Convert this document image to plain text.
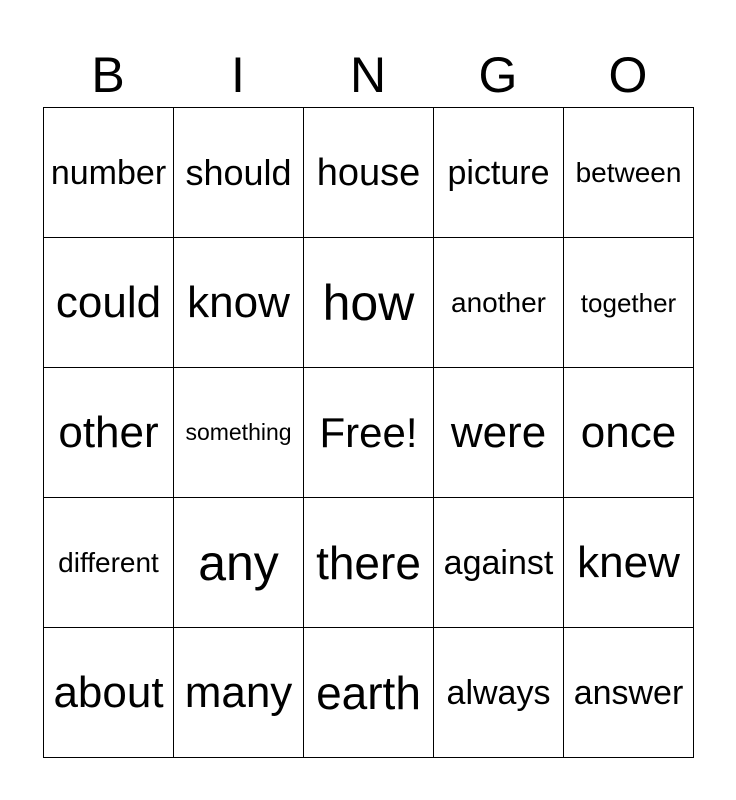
B	I	N	G	O
number should house picture between
could know how	another	together
other	something Free! were once
different any there against knew
about many earth always answer
